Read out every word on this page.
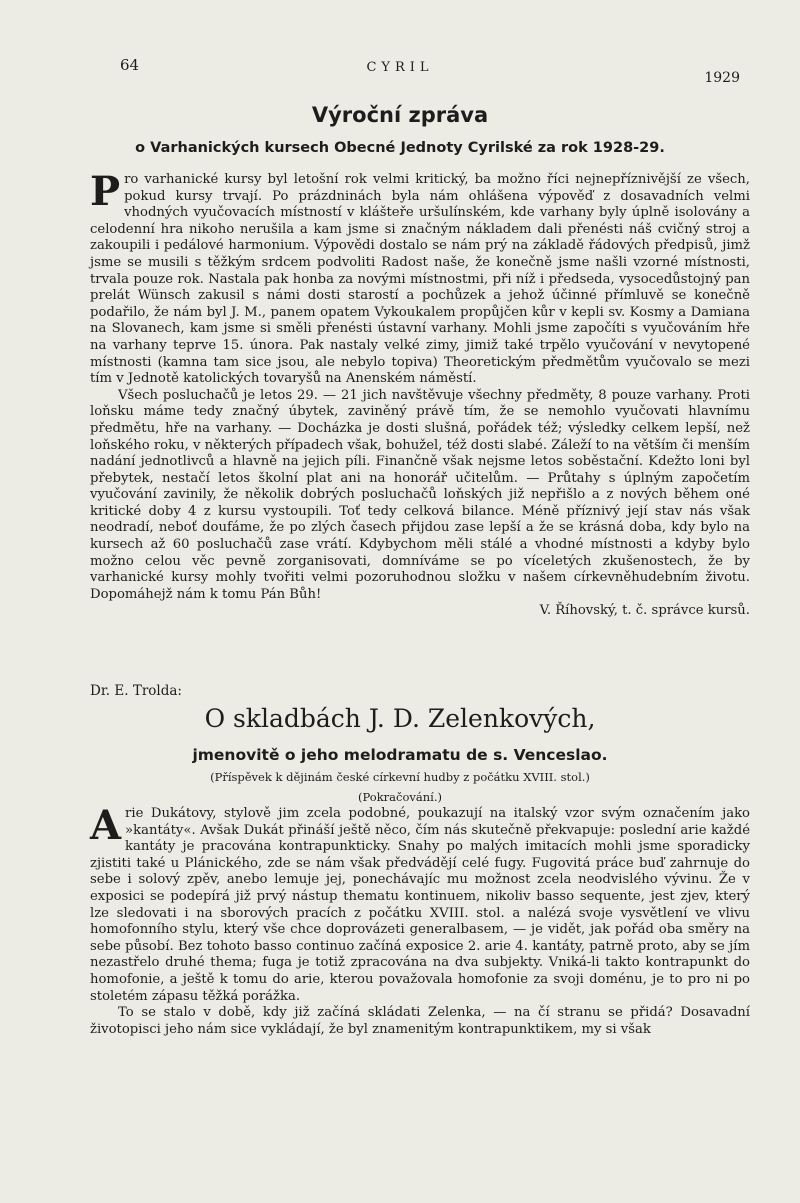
64	CYRIL
1929
Výroční zpráva
o Varhanických kursech Obecné Jednoty Cyrilské za rok 1928-29.

Pro varhanické kursy byl letošní rok velmi kritický, ba možno říci nejnepříznivější ze všech, pokud kursy trvají. Po prázdninách byla nám ohlášena výpověď z dosavadních velmi vhodných vyučovacích místností v klášteře uršulínském, kde varhany byly úplně isolovány a celodenní hra nikoho nerušila a kam jsme si značným nákladem dali přenésti náš cvičný stroj a zakoupili i pedálové harmonium. Výpovědi dostalo se nám prý na základě řádových předpisů, jimž jsme se musili s těžkým srdcem podvoliti Radost naše, že konečně jsme našli vzorné místnosti, trvala pouze rok. Nastala pak honba za novými místnostmi, při níž i předseda, vysocedůstojný pan prelát Wünsch zakusil s námi dosti starostí a pochůzek a jehož účinné přímluvě se konečně podařilo, že nám byl J. M., panem opatem Vykoukalem propůjčen kůr v kepli sv. Kosmy a Damiana na Slovanech, kam jsme si směli přenésti ústavní varhany. Mohli jsme započíti s vyučováním hře na varhany teprve 15. února. Pak nastaly velké zimy, jimiž také trpělo vyučování v nevytopené místnosti (kamna tam sice jsou, ale nebylo topiva) Theoretickým předmětům vyučovalo se mezi tím v Jednotě katolických tovaryšů na Anenském náměstí.

Všech posluchačů je letos 29. — 21 jich navštěvuje všechny předměty, 8 pouze varhany. Proti loňsku máme tedy značný úbytek, zaviněný právě tím, že se nemohlo vyučovati hlavnímu předmětu, hře na varhany. — Docházka je dosti slušná, pořádek též; výsledky celkem lepší, než loňského roku, v některých případech však, bohužel, též dosti slabé. Záleží to na větším či menším nadání jednotlivců a hlavně na jejich píli. Finančně však nejsme letos soběstační. Kdežto loni byl přebytek, nestačí letos školní plat ani na honorář učitelům. — Průtahy s úplným započetím vyučování zavinily, že několik dobrých posluchačů loňských již nepřišlo a z nových během oné kritické doby 4 z kursu vystoupili. Toť tedy celková bilance. Méně příznivý její stav nás však neodradí, neboť doufáme, že po zlých časech přijdou zase lepší a že se krásná doba, kdy bylo na kursech až 60 posluchačů zase vrátí. Kdybychom měli stálé a vhodné místnosti a kdyby bylo možno celou věc pevně zorganisovati, domníváme se po víceletých zkušenostech, že by varhanické kursy mohly tvořiti velmi pozoruhodnou složku v našem církevněhudebním životu. Dopomáhejž nám k tomu Pán Bůh!

V. Říhovský, t. č. správce kursů.

Dr. E. Trolda:
O skladbách J. D. Zelenkových,
jmenovitě o jeho melodramatu de s. Venceslao.
(Příspěvek k dějinám české církevní hudby z počátku XVIII. stol.)
(Pokračování.)

Arie Dukátovy, stylově jim zcela podobné, poukazují na italský vzor svým označením jako »kantáty«. Avšak Dukát přináší ještě něco, čím nás skutečně překvapuje: poslední arie každé kantáty je pracována kontrapunkticky. Snahy po malých imitacích mohli jsme sporadicky zjistiti také u Plánického, zde se nám však předvádějí celé fugy. Fugovitá práce buď zahrnuje do sebe i solový zpěv, anebo lemuje jej, ponechávajíc mu možnost zcela neodvislého vývinu. Že v exposici se podepírá již prvý nástup thematu kontinuem, nikoliv basso sequente, jest zjev, který lze sledovati i na sborových pracích z počátku XVIII. stol. a nalézá svoje vysvětlení ve vlivu homofonního stylu, který vše chce doprovázeti generalbasem, — je vidět, jak pořád oba směry na sebe působí. Bez tohoto basso continuo začíná exposice 2. arie 4. kantáty, patrně proto, aby se jím nezastřelo druhé thema; fuga je totiž zpracována na dva subjekty. Vniká-li takto kontrapunkt do homofonie, a ještě k tomu do arie, kterou považovala homofonie za svoji doménu, je to pro ni po stoletém zápasu těžká porážka.

To se stalo v době, kdy již začíná skládati Zelenka, — na čí stranu se přidá? Dosavadní životopisci jeho nám sice vykládají, že byl znamenitým kontrapunktikem, my si však
